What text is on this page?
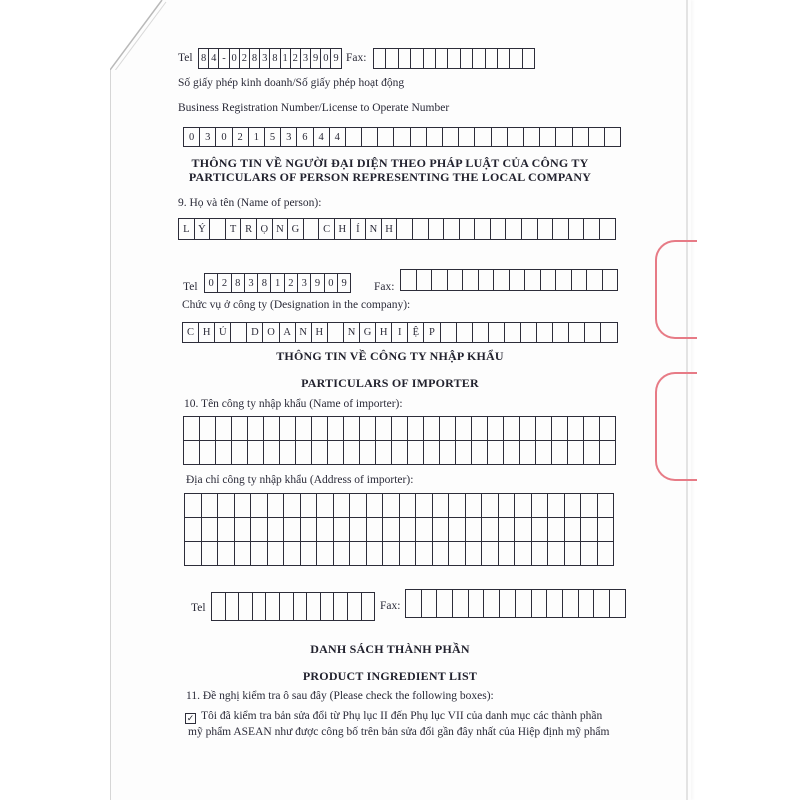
Tel 8 4 - 0 2 8 3 8 1 2 3 9 0 9 Fax:
Số giấy phép kinh doanh/Số giấy phép hoạt động
Business Registration Number/License to Operate Number
0	3	0	2	1	5	3	6	4	4
THÔNG TIN VỀ NGƯỜI ĐẠI DIỆN THEO PHÁP LUẬT CỦA CÔNG TY
PARTICULARS OF PERSON REPRESENTING THE LOCAL COMPANY
9. Họ và tên (Name of person):
L Ý	T R Ọ N G	C H Í N H
Tel	0 2 8 3 8 1 2 3 9 0 9	Fax:
Chức vụ ở công ty (Designation in the company):
C H Ủ	D O A N H	N G H	I	Ệ P
THÔNG TIN VỀ CÔNG TY NHẬP KHẨU
PARTICULARS OF IMPORTER
10. Tên công ty nhập khẩu (Name of importer):
Địa chỉ công ty nhập khẩu (Address of importer):
Tel	Fax:
DANH SÁCH THÀNH PHẦN
PRODUCT INGREDIENT LIST
11. Đề nghị kiểm tra ô sau đây (Please check the following boxes):
✓ Tôi đã kiểm tra bản sửa đổi từ Phụ lục II đến Phụ lục VII của danh mục các thành phần
mỹ phẩm ASEAN như được công bố trên bản sửa đổi gần đây nhất của Hiệp định mỹ phẩm
